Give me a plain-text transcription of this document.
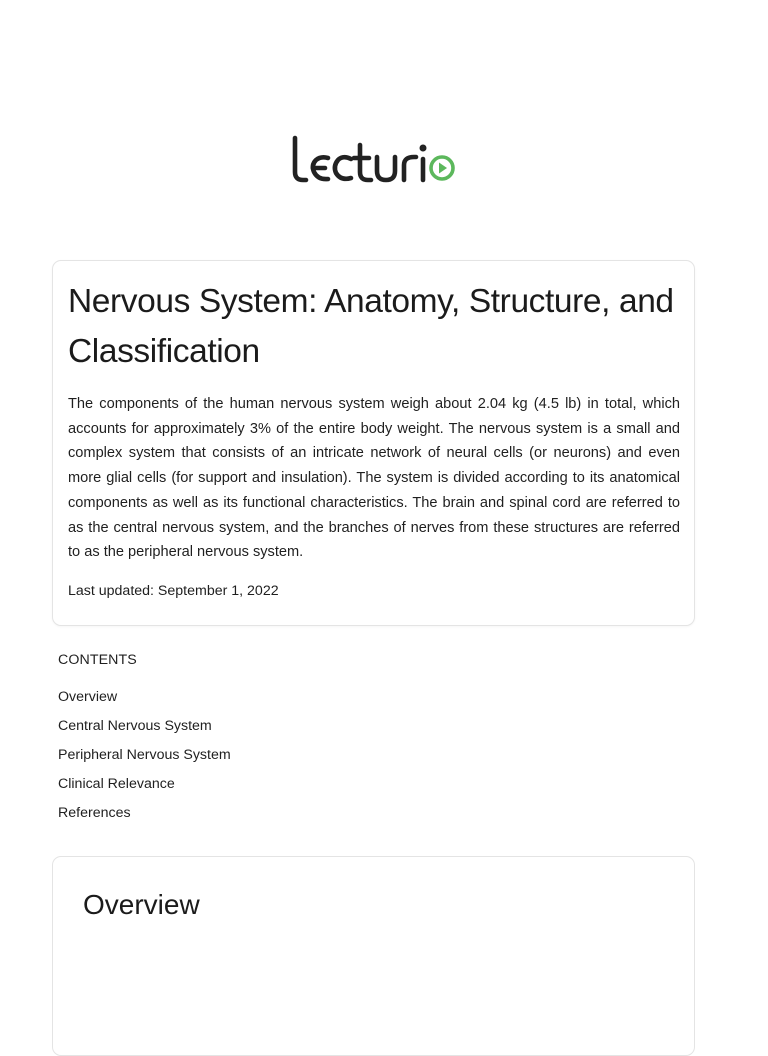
Nervous System: Anatomy, Structure, and Classification

The components of the human nervous system weigh about 2.04 kg (4.5 lb) in total, which accounts for approximately 3% of the entire body weight. The nervous system is a small and complex system that consists of an intricate network of neural cells (or neurons) and even more glial cells (for support and insulation). The system is divided according to its anatomical components as well as its functional characteristics. The brain and spinal cord are referred to as the central nervous system, and the branches of nerves from these structures are referred to as the peripheral nervous system.

Last updated: September 1, 2022

CONTENTS

Overview
Central Nervous System
Peripheral Nervous System
Clinical Relevance
References
Overview
